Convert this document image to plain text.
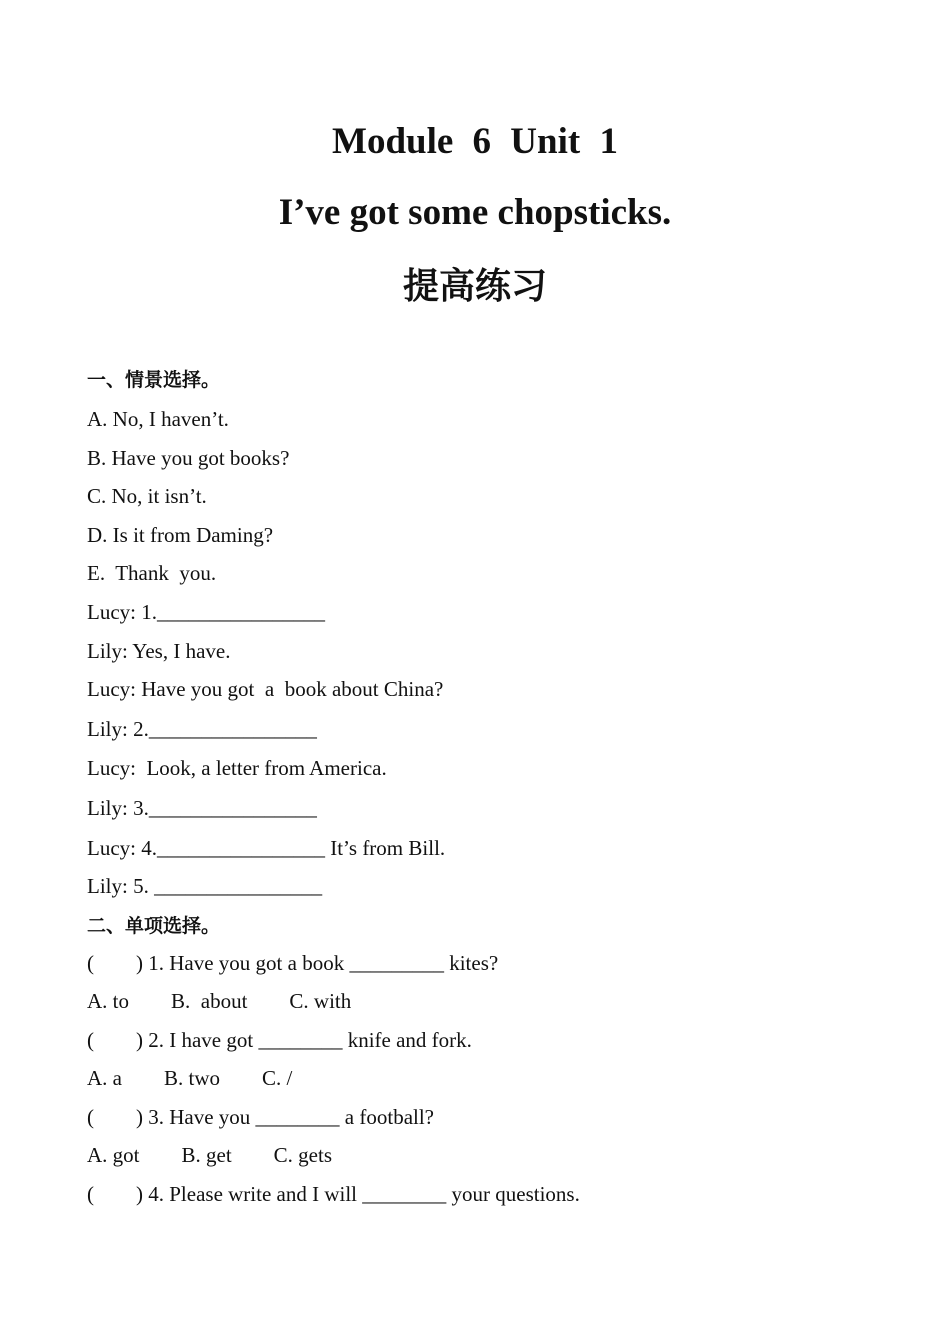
Module 6 Unit 1
I’ve got some chopsticks.
提高练习
一、情景选择。
A. No, I haven’t.
B. Have you got books?
C. No, it isn’t.
D. Is it from Daming?
E.  Thank  you.
Lucy: 1.________________
Lily: Yes, I have.
Lucy: Have you got  a  book about China?
Lily: 2.________________
Lucy:  Look, a letter from America.
Lily: 3.________________
Lucy: 4.________________ It’s from Bill.
Lily: 5. ________________
二、单项选择。
(        ) 1. Have you got a book _________ kites?
A. to        B.  about        C. with
(        ) 2. I have got ________ knife and fork.
A. a        B. two        C. /
(        ) 3. Have you ________ a football?
A. got        B. get        C. gets
(        ) 4. Please write and I will ________ your questions.
